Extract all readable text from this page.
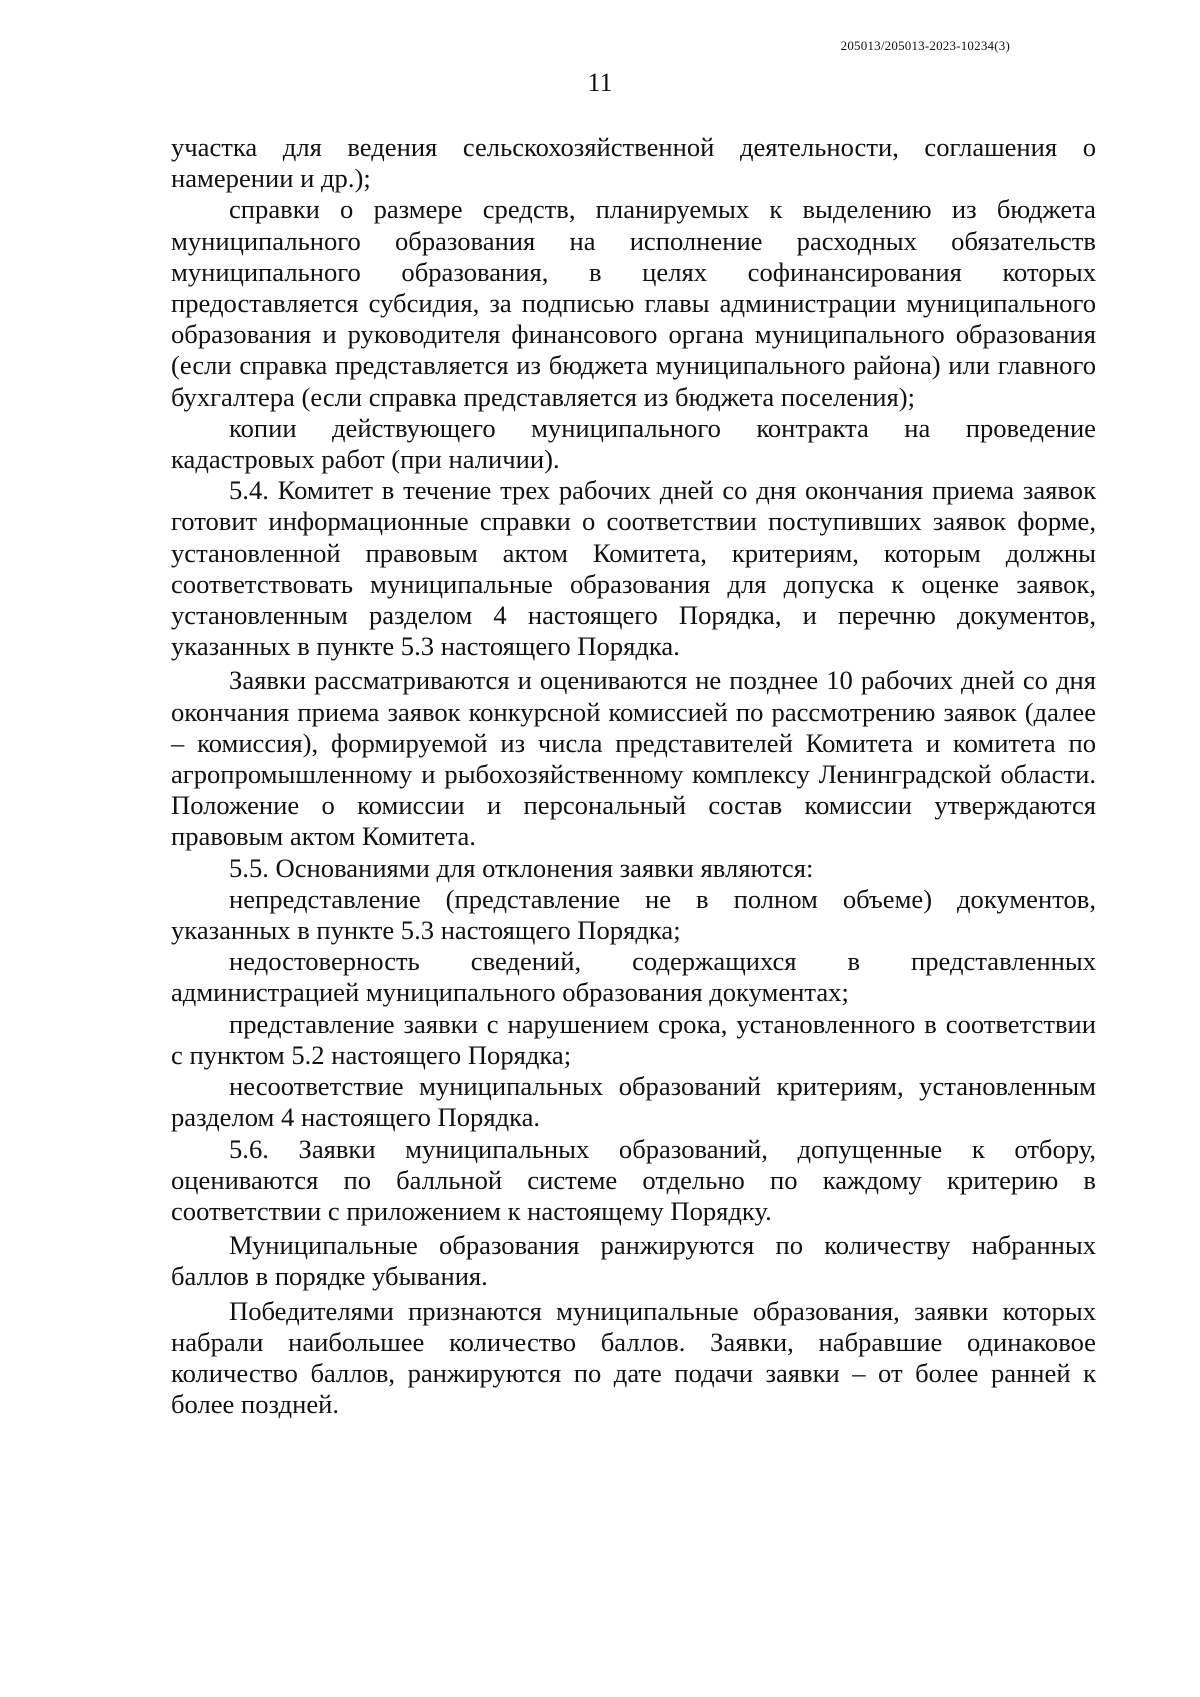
205013/205013-2023-10234(3)
11

участка для ведения сельскохозяйственной деятельности, соглашения о намерении и др.);

справки о размере средств, планируемых к выделению из бюджета муниципального образования на исполнение расходных обязательств муниципального образования, в целях софинансирования которых предоставляется субсидия, за подписью главы администрации муниципального образования и руководителя финансового органа муниципального образования (если справка представляется из бюджета муниципального района) или главного бухгалтера (если справка представляется из бюджета поселения);

копии действующего муниципального контракта на проведение кадастровых работ (при наличии).

5.4. Комитет в течение трех рабочих дней со дня окончания приема заявок готовит информационные справки о соответствии поступивших заявок форме, установленной правовым актом Комитета, критериям, которым должны соответствовать муниципальные образования для допуска к оценке заявок, установленным разделом 4 настоящего Порядка, и перечню документов, указанных в пункте 5.3 настоящего Порядка.

Заявки рассматриваются и оцениваются не позднее 10 рабочих дней со дня окончания приема заявок конкурсной комиссией по рассмотрению заявок (далее – комиссия), формируемой из числа представителей Комитета и комитета по агропромышленному и рыбохозяйственному комплексу Ленинградской области. Положение о комиссии и персональный состав комиссии утверждаются правовым актом Комитета.

5.5. Основаниями для отклонения заявки являются:

непредставление (представление не в полном объеме) документов, указанных в пункте 5.3 настоящего Порядка;

недостоверность сведений, содержащихся в представленных администрацией муниципального образования документах;

представление заявки с нарушением срока, установленного в соответствии с пунктом 5.2 настоящего Порядка;

несоответствие муниципальных образований критериям, установленным разделом 4 настоящего Порядка.

5.6. Заявки муниципальных образований, допущенные к отбору, оцениваются по балльной системе отдельно по каждому критерию в соответствии с приложением к настоящему Порядку.

Муниципальные образования ранжируются по количеству набранных баллов в порядке убывания.

Победителями признаются муниципальные образования, заявки которых набрали наибольшее количество баллов. Заявки, набравшие одинаковое количество баллов, ранжируются по дате подачи заявки – от более ранней к более поздней.
